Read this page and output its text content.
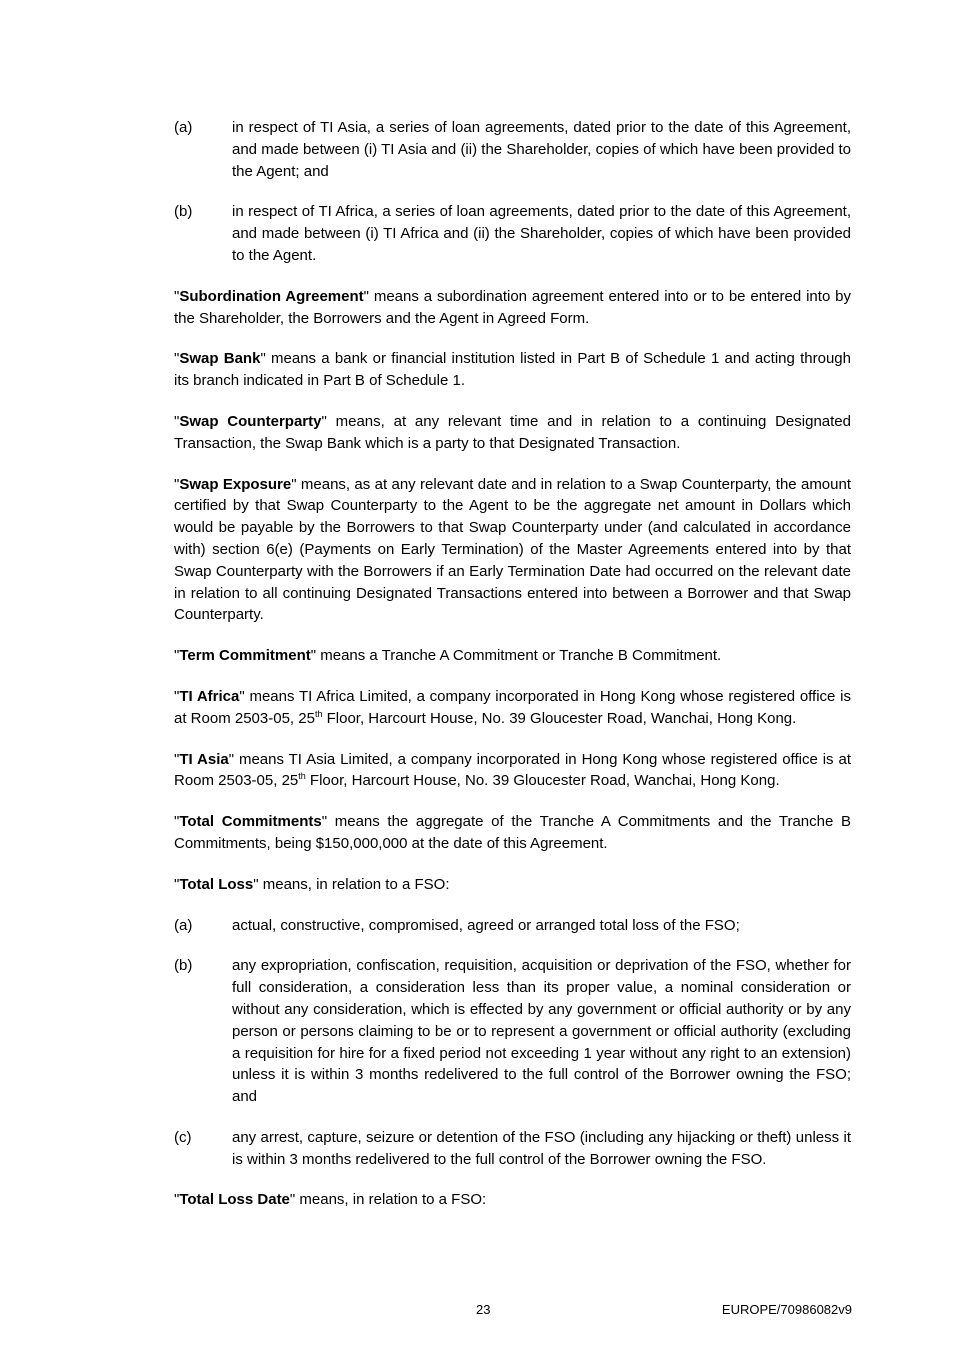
(a)	in respect of TI Asia, a series of loan agreements, dated prior to the date of this Agreement, and made between (i) TI Asia and (ii) the Shareholder, copies of which have been provided to the Agent; and
(b)	in respect of TI Africa, a series of loan agreements, dated prior to the date of this Agreement, and made between (i) TI Africa and (ii) the Shareholder, copies of which have been provided to the Agent.

"Subordination Agreement" means a subordination agreement entered into or to be entered into by the Shareholder, the Borrowers and the Agent in Agreed Form.

"Swap Bank" means a bank or financial institution listed in Part B of Schedule 1 and acting through its branch indicated in Part B of Schedule 1.

"Swap Counterparty" means, at any relevant time and in relation to a continuing Designated Transaction, the Swap Bank which is a party to that Designated Transaction.

"Swap Exposure" means, as at any relevant date and in relation to a Swap Counterparty, the amount certified by that Swap Counterparty to the Agent to be the aggregate net amount in Dollars which would be payable by the Borrowers to that Swap Counterparty under (and calculated in accordance with) section 6(e) (Payments on Early Termination) of the Master Agreements entered into by that Swap Counterparty with the Borrowers if an Early Termination Date had occurred on the relevant date in relation to all continuing Designated Transactions entered into between a Borrower and that Swap Counterparty.

"Term Commitment" means a Tranche A Commitment or Tranche B Commitment.

"TI Africa" means TI Africa Limited, a company incorporated in Hong Kong whose registered office is at Room 2503-05, 25th Floor, Harcourt House, No. 39 Gloucester Road, Wanchai, Hong Kong.

"TI Asia" means TI Asia Limited, a company incorporated in Hong Kong whose registered office is at Room 2503-05, 25th Floor, Harcourt House, No. 39 Gloucester Road, Wanchai, Hong Kong.

"Total Commitments" means the aggregate of the Tranche A Commitments and the Tranche B Commitments, being $150,000,000 at the date of this Agreement.

"Total Loss" means, in relation to a FSO:

(a)	actual, constructive, compromised, agreed or arranged total loss of the FSO;
(b)	any expropriation, confiscation, requisition, acquisition or deprivation of the FSO, whether for full consideration, a consideration less than its proper value, a nominal consideration or without any consideration, which is effected by any government or official authority or by any person or persons claiming to be or to represent a government or official authority (excluding a requisition for hire for a fixed period not exceeding 1 year without any right to an extension) unless it is within 3 months redelivered to the full control of the Borrower owning the FSO; and
(c)	any arrest, capture, seizure or detention of the FSO (including any hijacking or theft) unless it is within 3 months redelivered to the full control of the Borrower owning the FSO.

"Total Loss Date" means, in relation to a FSO:

23	EUROPE/70986082v9
